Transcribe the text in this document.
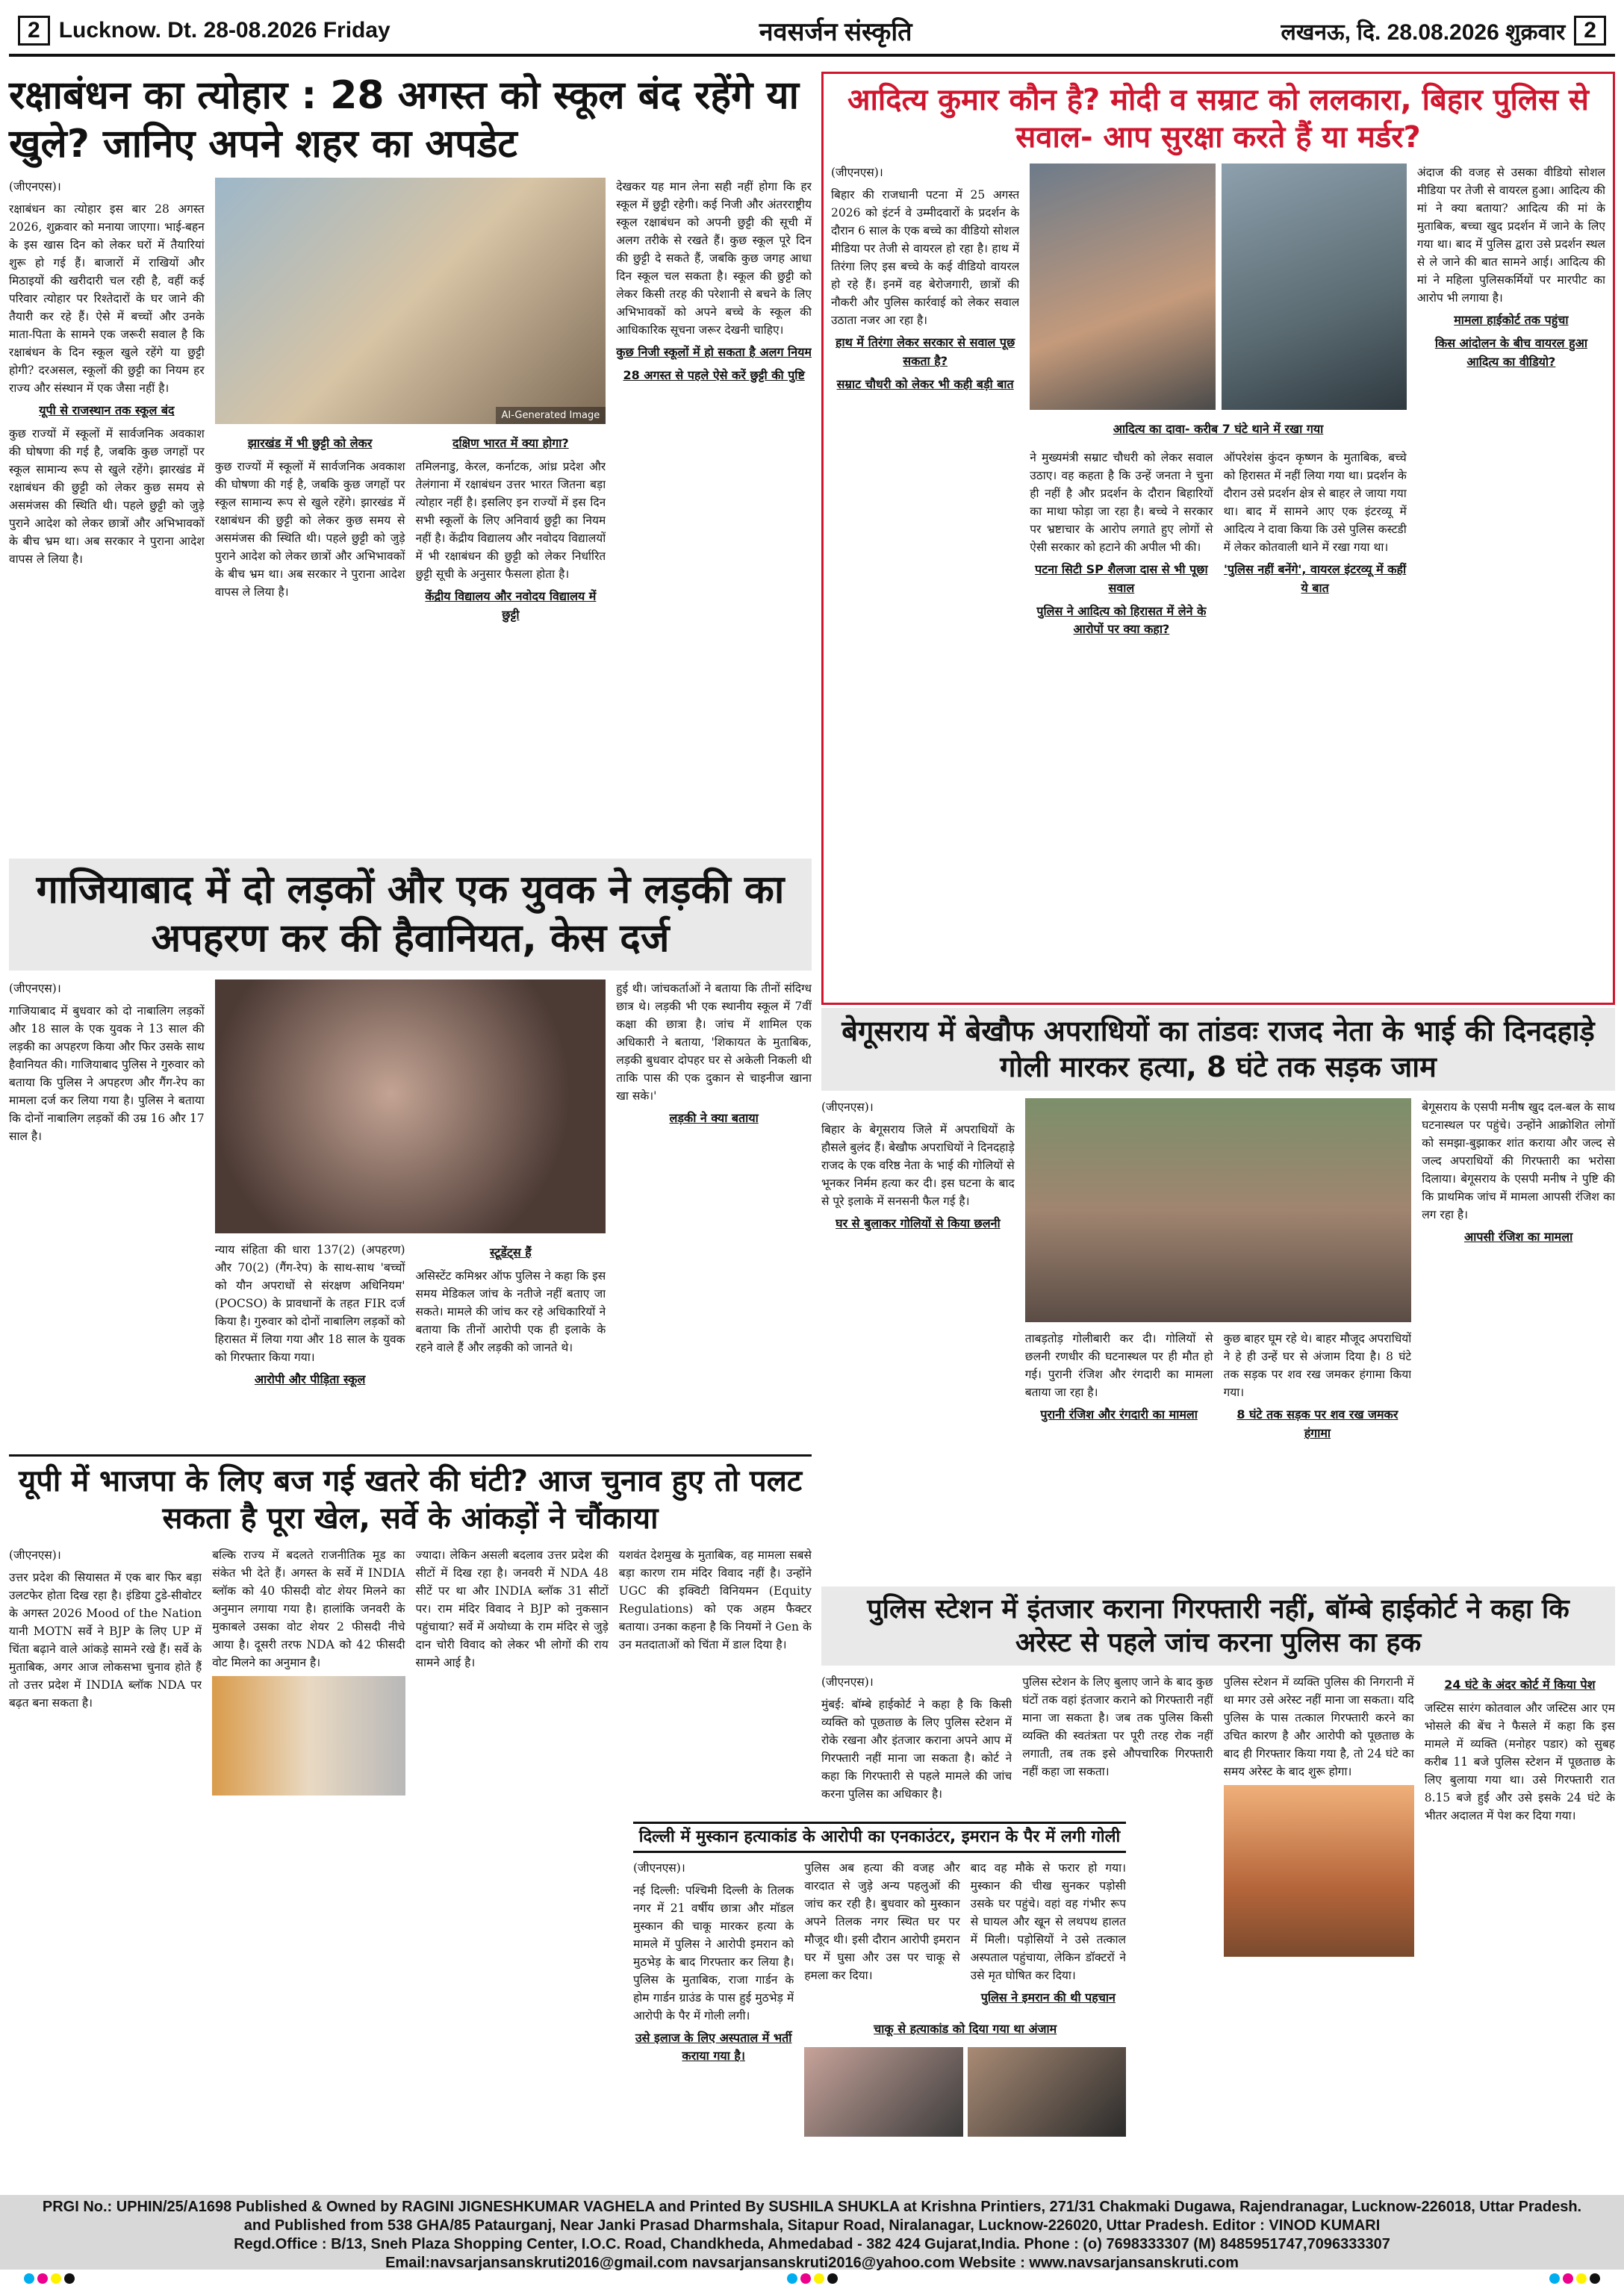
2 Lucknow. Dt. 28-08.2026 Friday	नवसर्जन संस्कृति	लखनऊ, दि. 28.08.2026 शुक्रवार 2
रक्षाबंधन का त्योहार : 28 अगस्त को स्कूल बंद रहेंगे या खुले? जानिए अपने शहर का अपडेट

(जीएनएस)।

रक्षाबंधन का त्योहार इस बार 28 अगस्त 2026, शुक्रवार को मनाया जाएगा। भाई-बहन के इस खास दिन को लेकर घरों में तैयारियां शुरू हो गई हैं। बाजारों में राखियों और मिठाइयों की खरीदारी चल रही है, वहीं कई परिवार त्योहार पर रिश्तेदारों के घर जाने की तैयारी कर रहे हैं। ऐसे में बच्चों और उनके माता-पिता के सामने एक जरूरी सवाल है कि रक्षाबंधन के दिन स्कूल खुले रहेंगे या छुट्टी होगी? दरअसल, स्कूलों की छुट्टी का नियम हर राज्य और संस्थान में एक जैसा नहीं है।

यूपी से राजस्थान तक स्कूल बंद

कुछ राज्यों में स्कूलों में सार्वजनिक अवकाश की घोषणा की गई है, जबकि कुछ जगहों पर स्कूल सामान्य रूप से खुले रहेंगे। झारखंड में रक्षाबंधन की छुट्टी को लेकर कुछ समय से असमंजस की स्थिति थी। पहले छुट्टी को जुड़े पुराने आदेश को लेकर छात्रों और अभिभावकों के बीच भ्रम था। अब सरकार ने पुराना आदेश वापस ले लिया है।

AI-Generated Image
झारखंड में भी छुट्टी को लेकर

कुछ राज्यों में स्कूलों में सार्वजनिक अवकाश की घोषणा की गई है, जबकि कुछ जगहों पर स्कूल सामान्य रूप से खुले रहेंगे। झारखंड में रक्षाबंधन की छुट्टी को लेकर कुछ समय से असमंजस की स्थिति थी। पहले छुट्टी को जुड़े पुराने आदेश को लेकर छात्रों और अभिभावकों के बीच भ्रम था। अब सरकार ने पुराना आदेश वापस ले लिया है।

दक्षिण भारत में क्या होगा?

तमिलनाडु, केरल, कर्नाटक, आंध्र प्रदेश और तेलंगाना में रक्षाबंधन उत्तर भारत जितना बड़ा त्योहार नहीं है। इसलिए इन राज्यों में इस दिन सभी स्कूलों के लिए अनिवार्य छुट्टी का नियम नहीं है। केंद्रीय विद्यालय और नवोदय विद्यालयों में भी रक्षाबंधन की छुट्टी को लेकर निर्धारित छुट्टी सूची के अनुसार फैसला होता है।

केंद्रीय विद्यालय और नवोदय विद्यालय में छुट्टी

देखकर यह मान लेना सही नहीं होगा कि हर स्कूल में छुट्टी रहेगी। कई निजी और अंतरराष्ट्रीय स्कूल रक्षाबंधन को अपनी छुट्टी की सूची में अलग तरीके से रखते हैं। कुछ स्कूल पूरे दिन की छुट्टी दे सकते हैं, जबकि कुछ जगह आधा दिन स्कूल चल सकता है। स्कूल की छुट्टी को लेकर किसी तरह की परेशानी से बचने के लिए अभिभावकों को अपने बच्चे के स्कूल की आधिकारिक सूचना जरूर देखनी चाहिए।

कुछ निजी स्कूलों में हो सकता है अलग नियम
28 अगस्त से पहले ऐसे करें छुट्टी की पुष्टि
आदित्य कुमार कौन है? मोदी व सम्राट को ललकारा, बिहार पुलिस से सवाल- आप सुरक्षा करते हैं या मर्डर?

(जीएनएस)।

बिहार की राजधानी पटना में 25 अगस्त 2026 को इंटर्न वे उम्मीदवारों के प्रदर्शन के दौरान 6 साल के एक बच्चे का वीडियो सोशल मीडिया पर तेजी से वायरल हो रहा है। हाथ में तिरंगा लिए इस बच्चे के कई वीडियो वायरल हो रहे हैं। इनमें वह बेरोजगारी, छात्रों की नौकरी और पुलिस कार्रवाई को लेकर सवाल उठाता नजर आ रहा है।

हाथ में तिरंगा लेकर सरकार से सवाल पूछ सकता है?
सम्राट चौधरी को लेकर भी कही बड़ी बात
आदित्य का दावा- करीब 7 घंटे थाने में रखा गया

ने मुख्यमंत्री सम्राट चौधरी को लेकर सवाल उठाए। वह कहता है कि उन्हें जनता ने चुना ही नहीं है और प्रदर्शन के दौरान बिहारियों का माथा फोड़ा जा रहा है। बच्चे ने सरकार पर भ्रष्टाचार के आरोप लगाते हुए लोगों से ऐसी सरकार को हटाने की अपील भी की।

पटना सिटी SP शैलजा दास से भी पूछा सवाल
पुलिस ने आदित्य को हिरासत में लेने के आरोपों पर क्या कहा?

ऑपरेशंस कुंदन कृष्णन के मुताबिक, बच्चे को हिरासत में नहीं लिया गया था। प्रदर्शन के दौरान उसे प्रदर्शन क्षेत्र से बाहर ले जाया गया था। बाद में सामने आए एक इंटरव्यू में आदित्य ने दावा किया कि उसे पुलिस कस्टडी में लेकर कोतवाली थाने में रखा गया था।

'पुलिस नहीं बनेंगे', वायरल इंटरव्यू में कहीं ये बात

अंदाज की वजह से उसका वीडियो सोशल मीडिया पर तेजी से वायरल हुआ। आदित्य की मां ने क्या बताया? आदित्य की मां के मुताबिक, बच्चा खुद प्रदर्शन में जाने के लिए गया था। बाद में पुलिस द्वारा उसे प्रदर्शन स्थल से ले जाने की बात सामने आई। आदित्य की मां ने महिला पुलिसकर्मियों पर मारपीट का आरोप भी लगाया है।

मामला हाईकोर्ट तक पहुंचा
किस आंदोलन के बीच वायरल हुआ आदित्य का वीडियो?
गाजियाबाद में दो लड़कों और एक युवक ने लड़की का अपहरण कर की हैवानियत, केस दर्ज

(जीएनएस)।

गाजियाबाद में बुधवार को दो नाबालिग लड़कों और 18 साल के एक युवक ने 13 साल की लड़की का अपहरण किया और फिर उसके साथ हैवानियत की। गाजियाबाद पुलिस ने गुरुवार को बताया कि पुलिस ने अपहरण और गैंग-रेप का मामला दर्ज कर लिया गया है। पुलिस ने बताया कि दोनों नाबालिग लड़कों की उम्र 16 और 17 साल है।

न्याय संहिता की धारा 137(2) (अपहरण) और 70(2) (गैंग-रेप) के साथ-साथ 'बच्चों को यौन अपराधों से संरक्षण अधिनियम' (POCSO) के प्रावधानों के तहत FIR दर्ज किया है। गुरुवार को दोनों नाबालिग लड़कों को हिरासत में लिया गया और 18 साल के युवक को गिरफ्तार किया गया।

आरोपी और पीड़िता स्कूल
स्टूडेंट्स हैं

असिस्टेंट कमिश्नर ऑफ पुलिस ने कहा कि इस समय मेडिकल जांच के नतीजे नहीं बताए जा सकते। मामले की जांच कर रहे अधिकारियों ने बताया कि तीनों आरोपी एक ही इलाके के रहने वाले हैं और लड़की को जानते थे।

हुई थी। जांचकर्ताओं ने बताया कि तीनों संदिग्ध छात्र थे। लड़की भी एक स्थानीय स्कूल में 7वीं कक्षा की छात्रा है। जांच में शामिल एक अधिकारी ने बताया, 'शिकायत के मुताबिक, लड़की बुधवार दोपहर घर से अकेली निकली थी ताकि पास की एक दुकान से चाइनीज खाना खा सके।'

लड़की ने क्या बताया
बेगूसराय में बेखौफ अपराधियों का तांडवः राजद नेता के भाई की दिनदहाड़े गोली मारकर हत्या, 8 घंटे तक सड़क जाम

(जीएनएस)।

बिहार के बेगूसराय जिले में अपराधियों के हौसले बुलंद हैं। बेखौफ अपराधियों ने दिनदहाड़े राजद के एक वरिष्ठ नेता के भाई की गोलियों से भूनकर निर्मम हत्या कर दी। इस घटना के बाद से पूरे इलाके में सनसनी फैल गई है।

घर से बुलाकर गोलियों से किया छलनी

ताबड़तोड़ गोलीबारी कर दी। गोलियों से छलनी रणधीर की घटनास्थल पर ही मौत हो गई। पुरानी रंजिश और रंगदारी का मामला बताया जा रहा है।

पुरानी रंजिश और रंगदारी का मामला

कुछ बाहर घूम रहे थे। बाहर मौजूद अपराधियों ने हे ही उन्हें घर से अंजाम दिया है। 8 घंटे तक सड़क पर शव रख जमकर हंगामा किया गया।

8 घंटे तक सड़क पर शव रख जमकर हंगामा

बेगूसराय के एसपी मनीष खुद दल-बल के साथ घटनास्थल पर पहुंचे। उन्होंने आक्रोशित लोगों को समझा-बुझाकर शांत कराया और जल्द से जल्द अपराधियों की गिरफ्तारी का भरोसा दिलाया। बेगूसराय के एसपी मनीष ने पुष्टि की कि प्राथमिक जांच में मामला आपसी रंजिश का लग रहा है।

आपसी रंजिश का मामला
यूपी में भाजपा के लिए बज गई खतरे की घंटी? आज चुनाव हुए तो पलट सकता है पूरा खेल, सर्वे के आंकड़ों ने चौंकाया

(जीएनएस)।

उत्तर प्रदेश की सियासत में एक बार फिर बड़ा उलटफेर होता दिख रहा है। इंडिया टुडे-सीवोटर के अगस्त 2026 Mood of the Nation यानी MOTN सर्वे ने BJP के लिए UP में चिंता बढ़ाने वाले आंकड़े सामने रखे हैं। सर्वे के मुताबिक, अगर आज लोकसभा चुनाव होते हैं तो उत्तर प्रदेश में INDIA ब्लॉक NDA पर बढ़त बना सकता है।

बल्कि राज्य में बदलते राजनीतिक मूड का संकेत भी देते हैं। अगस्त के सर्वे में INDIA ब्लॉक को 40 फीसदी वोट शेयर मिलने का अनुमान लगाया गया है। हालांकि जनवरी के मुकाबले उसका वोट शेयर 2 फीसदी नीचे आया है। दूसरी तरफ NDA को 42 फीसदी वोट मिलने का अनुमान है।

ज्यादा। लेकिन असली बदलाव उत्तर प्रदेश की सीटों में दिख रहा है। जनवरी में NDA 48 सीटें पर था और INDIA ब्लॉक 31 सीटों पर। राम मंदिर विवाद ने BJP को नुकसान पहुंचाया? सर्वे में अयोध्या के राम मंदिर से जुड़े दान चोरी विवाद को लेकर भी लोगों की राय सामने आई है।

यशवंत देशमुख के मुताबिक, वह मामला सबसे बड़ा कारण राम मंदिर विवाद नहीं है। उन्होंने UGC की इक्विटी विनियमन (Equity Regulations) को एक अहम फैक्टर बताया। उनका कहना है कि नियमों ने Gen के उन मतदाताओं को चिंता में डाल दिया है।

दिल्ली में मुस्कान हत्याकांड के आरोपी का एनकाउंटर, इमरान के पैर में लगी गोली

(जीएनएस)।

नई दिल्ली: पश्चिमी दिल्ली के तिलक नगर में 21 वर्षीय छात्रा और मॉडल मुस्कान की चाकू मारकर हत्या के मामले में पुलिस ने आरोपी इमरान को मुठभेड़ के बाद गिरफ्तार कर लिया है। पुलिस के मुताबिक, राजा गार्डन के होम गार्डन ग्राउंड के पास हुई मुठभेड़ में आरोपी के पैर में गोली लगी।

उसे इलाज के लिए अस्पताल में भर्ती कराया गया है।

पुलिस अब हत्या की वजह और वारदात से जुड़े अन्य पहलुओं की जांच कर रही है। बुधवार को मुस्कान अपने तिलक नगर स्थित घर पर मौजूद थी। इसी दौरान आरोपी इमरान घर में घुसा और उस पर चाकू से हमला कर दिया।

बाद वह मौके से फरार हो गया। मुस्कान की चीख सुनकर पड़ोसी उसके घर पहुंचे। वहां वह गंभीर रूप से घायल और खून से लथपथ हालत में मिली। पड़ोसियों ने उसे तत्काल अस्पताल पहुंचाया, लेकिन डॉक्टरों ने उसे मृत घोषित कर दिया।

पुलिस ने इमरान की थी पहचान
चाकू से हत्याकांड को दिया गया था अंजाम
पुलिस स्टेशन में इंतजार कराना गिरफ्तारी नहीं, बॉम्बे हाईकोर्ट ने कहा कि अरेस्ट से पहले जांच करना पुलिस का हक

(जीएनएस)।

मुंबई: बॉम्बे हाईकोर्ट ने कहा है कि किसी व्यक्ति को पूछताछ के लिए पुलिस स्टेशन में रोके रखना और इंतजार कराना अपने आप में गिरफ्तारी नहीं माना जा सकता है। कोर्ट ने कहा कि गिरफ्तारी से पहले मामले की जांच करना पुलिस का अधिकार है।

पुलिस स्टेशन के लिए बुलाए जाने के बाद कुछ घंटों तक वहां इंतजार कराने को गिरफ्तारी नहीं माना जा सकता है। जब तक पुलिस किसी व्यक्ति की स्वतंत्रता पर पूरी तरह रोक नहीं लगाती, तब तक इसे औपचारिक गिरफ्तारी नहीं कहा जा सकता।

पुलिस स्टेशन में व्यक्ति पुलिस की निगरानी में था मगर उसे अरेस्ट नहीं माना जा सकता। यदि पुलिस के पास तत्काल गिरफ्तारी करने का उचित कारण है और आरोपी को पूछताछ के बाद ही गिरफ्तार किया गया है, तो 24 घंटे का समय अरेस्ट के बाद शुरू होगा।

24 घंटे के अंदर कोर्ट में किया पेश

जस्टिस सारंग कोतवाल और जस्टिस आर एम भोसले की बेंच ने फैसले में कहा कि इस मामले में व्यक्ति (मनोहर पडार) को सुबह करीब 11 बजे पुलिस स्टेशन में पूछताछ के लिए बुलाया गया था। उसे गिरफ्तारी रात 8.15 बजे हुई और उसे इसके 24 घंटे के भीतर अदालत में पेश कर दिया गया।

PRGI No.: UPHIN/25/A1698 Published & Owned by RAGINI JIGNESHKUMAR VAGHELA and Printed By SUSHILA SHUKLA at Krishna Printiers, 271/31 Chakmaki Dugawa, Rajendranagar, Lucknow-226018, Uttar Pradesh.
and Published from 538 GHA/85 Pataurganj, Near Janki Prasad Dharmshala, Sitapur Road, Niralanagar, Lucknow-226020, Uttar Pradesh. Editor : VINOD KUMARI
Regd.Office : B/13, Sneh Plaza Shopping Center, I.O.C. Road, Chandkheda, Ahmedabad - 382 424 Gujarat,India. Phone : (o) 7698333307 (M) 8485951747,7096333307
Email:navsarjansanskruti2016@gmail.com navsarjansanskruti2016@yahoo.com Website : www.navsarjansanskruti.com
